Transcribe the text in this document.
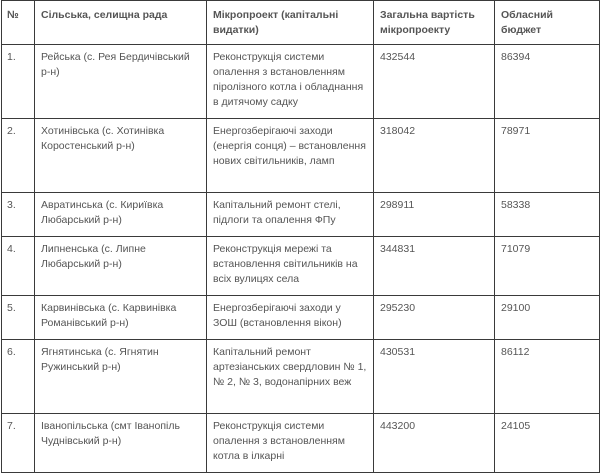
№	Сільська, селищна рада	Мікропроект (капітальні видатки)	Загальна вартість мікропроекту	Обласний бюджет
1.	Рейська (с. Рея Бердичівський р-н)	Реконструкція системи опалення з встановленням піролізного котла і обладнання в дитячому садку	432544	86394
2.	Хотинівська (с. Хотинівка Коростенський р-н)	Енергозберігаючі заходи (енергія сонця) – встановлення нових світильників, ламп	318042	78971
3.	Авратинська (с. Кириївка Любарський р-н)	Капітальний ремонт стелі, підлоги та опалення ФПу	298911	58338
4.	Липненська (с. Липне Любарський р-н)	Реконструкція мережі та встановлення світильників на всіх вулицях села	344831	71079
5.	Карвинівська (с. Карвинівка Романівський р-н)	Енергозберігаючі заходи у ЗОШ (встановлення вікон)	295230	29100
6.	Ягнятинська (с. Ягнятин Ружинський р-н)	Капітальний ремонт артезіанських свердловин № 1, № 2, № 3, водонапірних веж	430531	86112
7.	Іванопільська (смт Іванопіль Чуднівський р-н)	Реконструкція системи опалення з встановленням котла в ілкарні	443200	24105
